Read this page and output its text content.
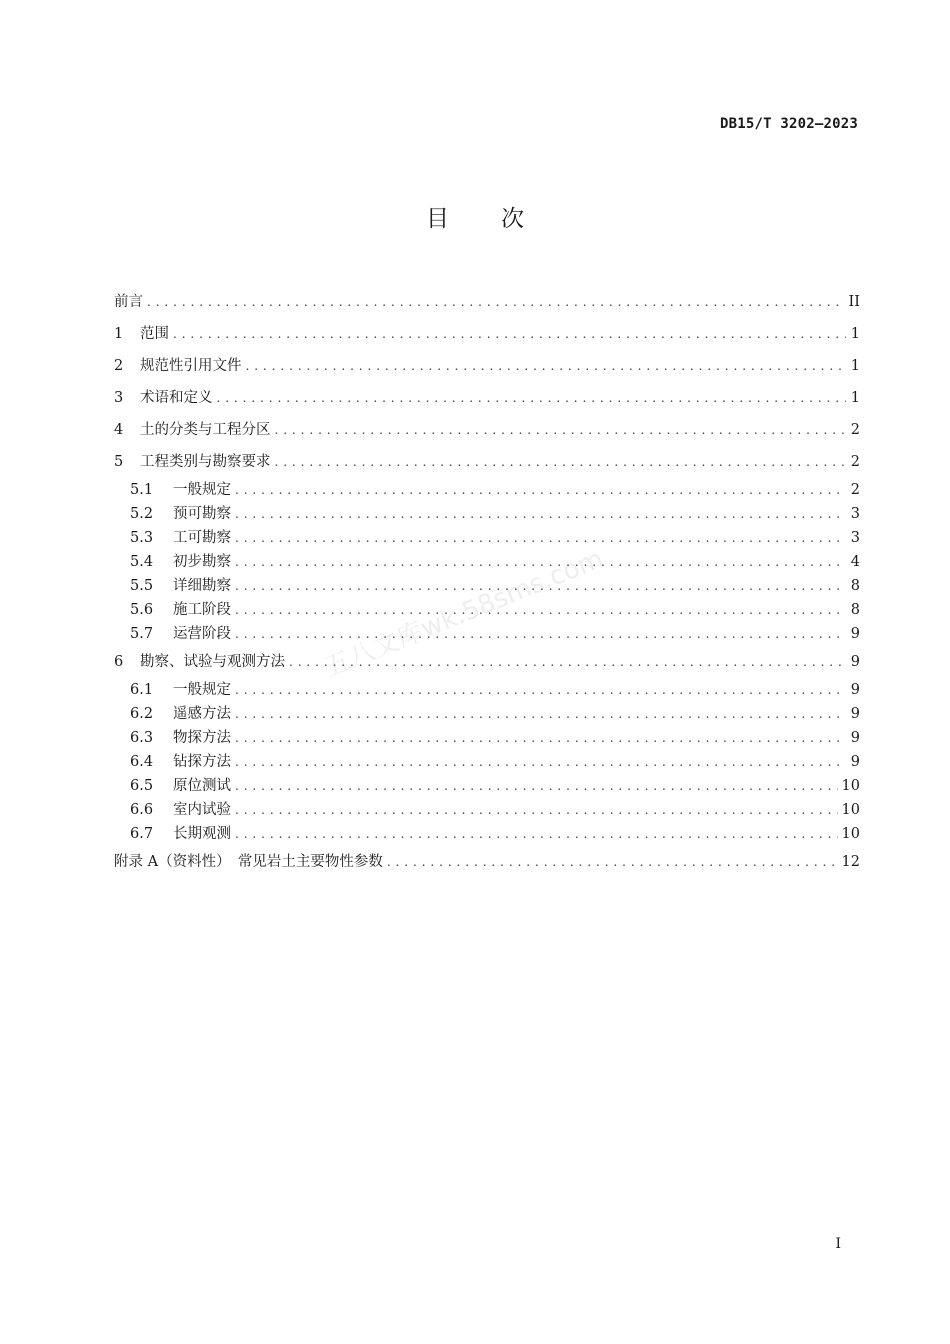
DB15/T 3202—2023
目 次
前言 .....	II
1	范围 .....	1
2	规范性引用文件 .....	1
3	术语和定义 .....	1
4	土的分类与工程分区 .....	2
5	工程类别与勘察要求 .....	2
5.1	一般规定 .....	2
5.2	预可勘察 .....	3
5.3	工可勘察 .....	3
5.4	初步勘察 .....	4
5.5	详细勘察 .....	8
5.6	施工阶段 .....	8
5.7	运营阶段 .....	9
6	勘察、试验与观测方法 .....	9
6.1	一般规定 .....	9
6.2	遥感方法 .....	9
6.3	物探方法 .....	9
6.4	钻探方法 .....	9
6.5	原位测试 .....	10
6.6	室内试验 .....	10
6.7	长期观测 .....	10
附录 A（资料性）　常见岩土主要物性参数 .....	12
五八文库wk.58sms.com
I
